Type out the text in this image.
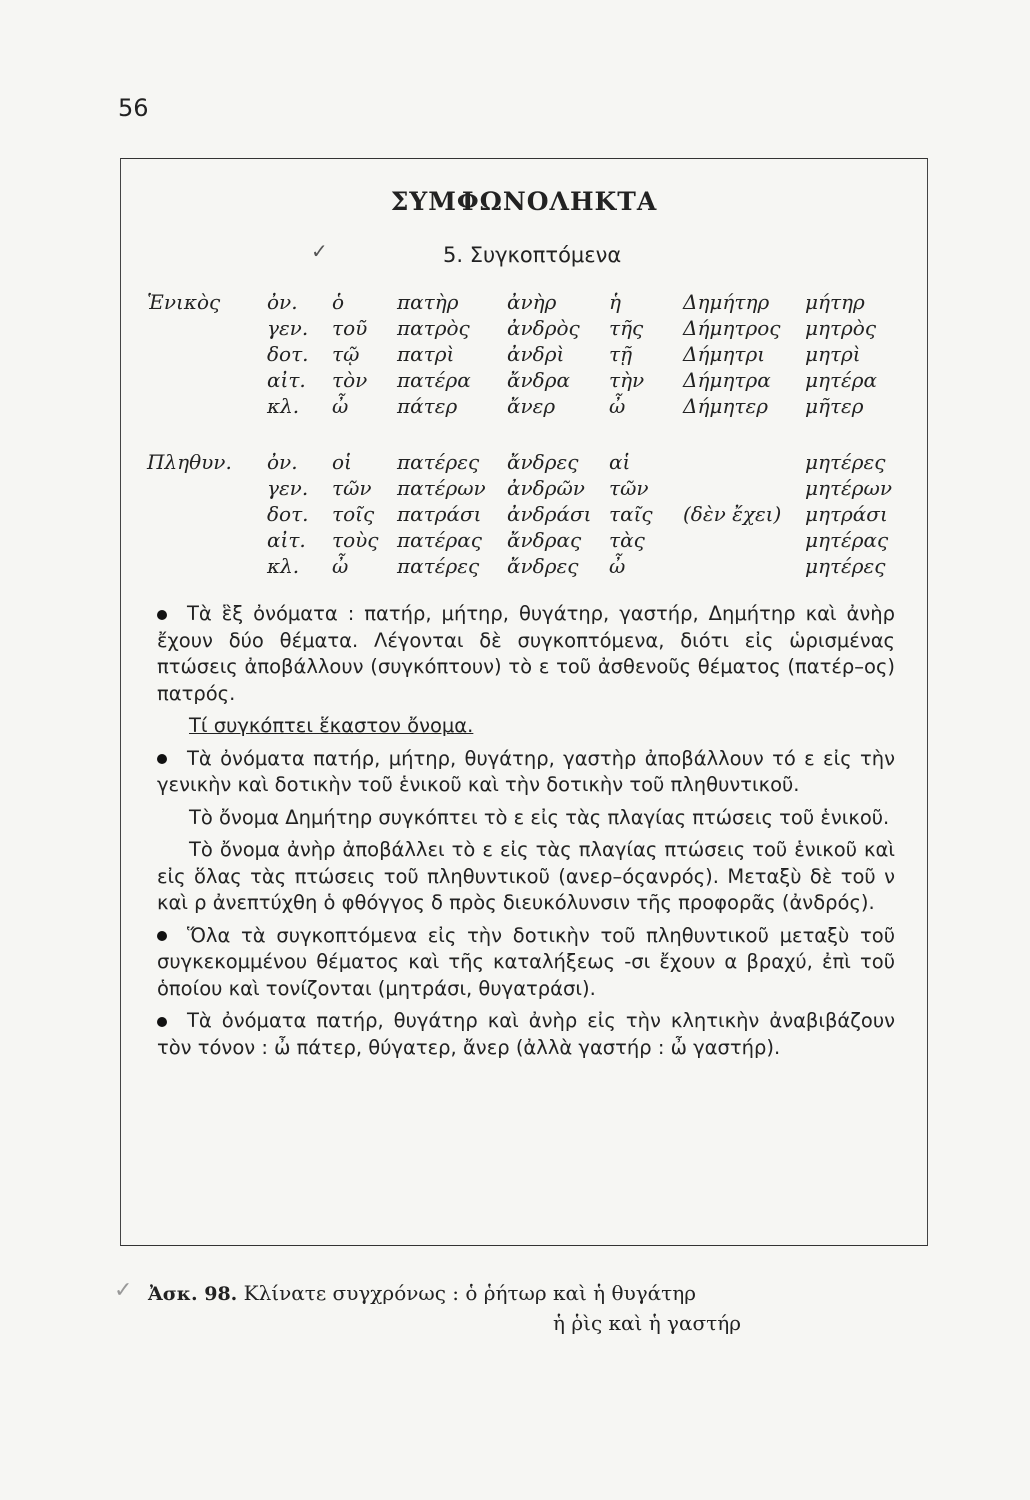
56
ΣΥΜΦΩΝΟΛΗΚΤΑ
✓	5. Συγκοπτόμενα
Ἑνικὸς ὀν. ὁ	πατὴρ ἀνὴρ	ἡ	Δημήτηρ μήτηρ
γεν. τοῦ πατρὸς ἀνδρὸς τῆς Δήμητρος μητρὸς
δοτ. τῷ πατρὶ	ἀνδρὶ τῇ	Δήμητρι μητρὶ
αἰτ. τὸν πατέρα ἄνδρα τὴν Δήμητρα μητέρα
κλ. ὦ πάτερ ἄνερ	ὦ	Δήμητερ μῆτερ
Πληθυν. ὀν. οἱ πατέρες ἄνδρες αἱ	μητέρες
γεν. τῶν πατέρων ἀνδρῶν τῶν	μητέρων
δοτ. τοῖς πατράσι ἀνδράσι ταῖς (δὲν ἔχει) μητράσι
αἰτ. τοὺς πατέρας ἄνδρας τὰς	μητέρας
κλ. ὦ πατέρες ἄνδρες ὦ	μητέρες

Τὰ ἓξ ὀνόματα : πατήρ, μήτηρ, θυγάτηρ, γαστήρ, Δημήτηρ καὶ ἀνὴρ ἔχουν δύο θέματα. Λέγονται δὲ συγκοπτόμενα, διότι εἰς ὡρισμένας πτώσεις ἀποβάλλουν (συγκόπτουν) τὸ ε τοῦ ἀσθενοῦς θέματος (πατέρ–ος) πατρός.

Τί συγκόπτει ἕκαστον ὄνομα.

Τὰ ὀνόματα πατήρ, μήτηρ, θυγάτηρ, γαστὴρ ἀποβάλλουν τό ε εἰς τὴν γενικὴν καὶ δοτικὴν τοῦ ἑνικοῦ καὶ τὴν δοτικὴν τοῦ πληθυντικοῦ.

Τὸ ὄνομα Δημήτηρ συγκόπτει τὸ ε εἰς τὰς πλαγίας πτώσεις τοῦ ἑνικοῦ.

Τὸ ὄνομα ἀνὴρ ἀποβάλλει τὸ ε εἰς τὰς πλαγίας πτώσεις τοῦ ἑνικοῦ καὶ εἰς ὅλας τὰς πτώσεις τοῦ πληθυντικοῦ (ανερ–όςανρός). Μεταξὺ δὲ τοῦ ν καὶ ρ ἀνεπτύχθη ὁ φθόγγος δ πρὸς διευκόλυνσιν τῆς προφορᾶς (ἀνδρός).

Ὅλα τὰ συγκοπτόμενα εἰς τὴν δοτικὴν τοῦ πληθυντικοῦ μεταξὺ τοῦ συγκεκομμένου θέματος καὶ τῆς καταλήξεως -σι ἔχουν α βραχύ, ἐπὶ τοῦ ὁποίου καὶ τονίζονται (μητράσι, θυγατράσι).

Τὰ ὀνόματα πατήρ, θυγάτηρ καὶ ἀνὴρ εἰς τὴν κλητικὴν ἀναβιβάζουν τὸν τόνον : ὦ πάτερ, θύγατερ, ἄνερ (ἀλλὰ γαστήρ : ὦ γαστήρ).

✓ Ἀσκ. 98. Κλίνατε συγχρόνως : ὁ ῥήτωρ καὶ ἡ θυγάτηρ
ἡ ῥὶς καὶ ἡ γαστήρ
